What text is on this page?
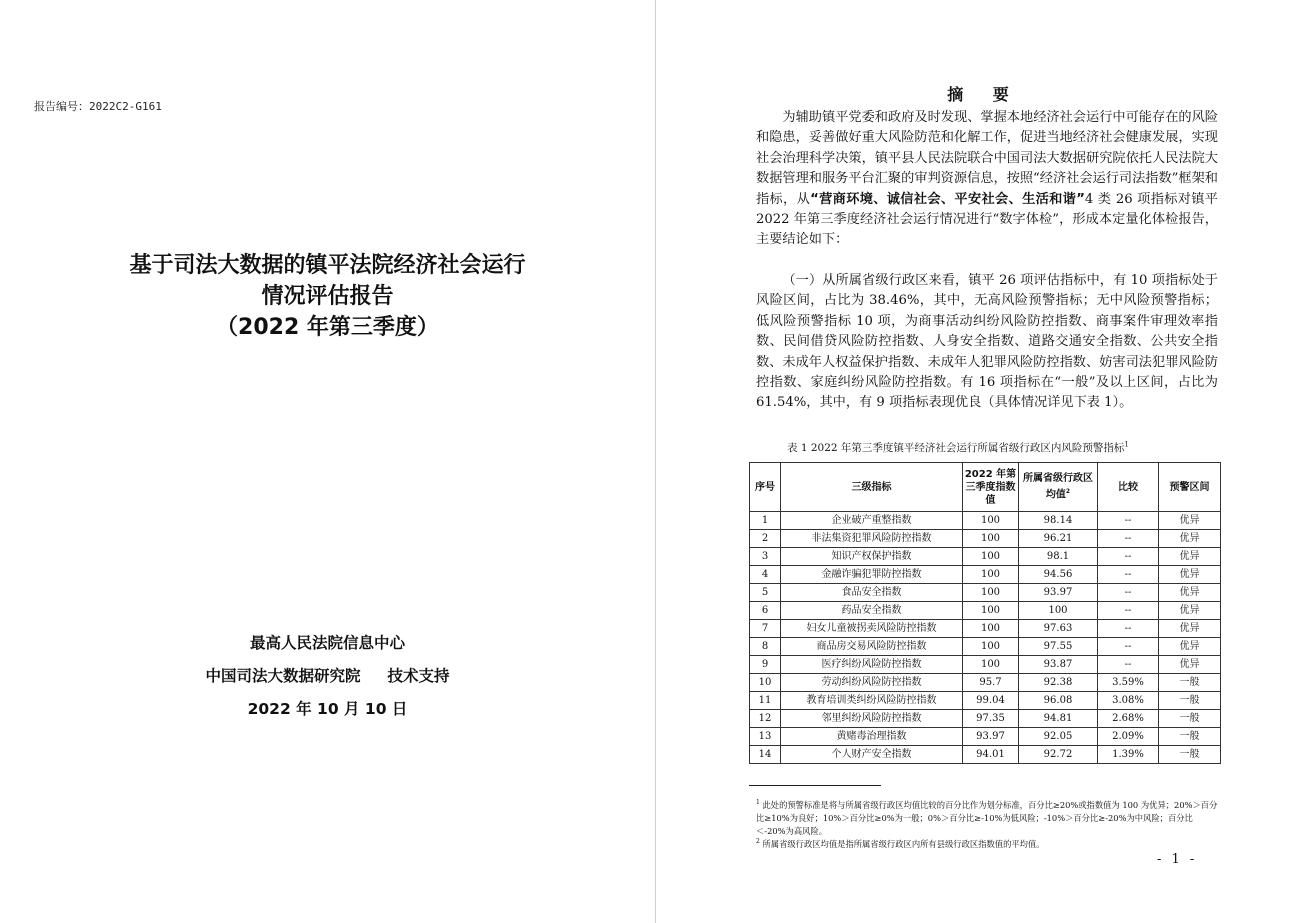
报告编号：2022C2-G161

基于司法大数据的镇平法院经济社会运行

情况评估报告

（2022 年第三季度）

最高人民法院信息中心

中国司法大数据研究院     技术支持

2022 年 10 月 10 日

摘 要

为辅助镇平党委和政府及时发现、掌握本地经济社会运行中可能存在的风险和隐患，妥善做好重大风险防范和化解工作，促进当地经济社会健康发展，实现社会治理科学决策，镇平县人民法院联合中国司法大数据研究院依托人民法院大数据管理和服务平台汇聚的审判资源信息，按照“经济社会运行司法指数”框架和指标，从“营商环境、诚信社会、平安社会、生活和谐”4 类 26 项指标对镇平 2022 年第三季度经济社会运行情况进行“数字体检”，形成本定量化体检报告，主要结论如下：

（一）从所属省级行政区来看，镇平 26 项评估指标中，有 10 项指标处于风险区间，占比为 38.46%，其中，无高风险预警指标；无中风险预警指标；低风险预警指标 10 项，为商事活动纠纷风险防控指数、商事案件审理效率指数、民间借贷风险防控指数、人身安全指数、道路交通安全指数、公共安全指数、未成年人权益保护指数、未成年人犯罪风险防控指数、妨害司法犯罪风险防控指数、家庭纠纷风险防控指数。有 16 项指标在“一般”及以上区间，占比为 61.54%，其中，有 9 项指标表现优良（具体情况详见下表 1）。

表 1 2022 年第三季度镇平经济社会运行所属省级行政区内风险预警指标$^1$
序号	三级指标	2022 年第三季度指数值	所属省级行政区均值$^2$	比较	预警区间
1	企业破产重整指数	100	98.14	--	优异
2	非法集资犯罪风险防控指数	100	96.21	--	优异
3	知识产权保护指数	100	98.1	--	优异
4	金融诈骗犯罪防控指数	100	94.56	--	优异
5	食品安全指数	100	93.97	--	优异
6	药品安全指数	100	100	--	优异
7	妇女儿童被拐卖风险防控指数	100	97.63	--	优异
8	商品房交易风险防控指数	100	97.55	--	优异
9	医疗纠纷风险防控指数	100	93.87	--	优异
10	劳动纠纷风险防控指数	95.7	92.38	3.59%	一般
11	教育培训类纠纷风险防控指数	99.04	96.08	3.08%	一般
12	邻里纠纷风险防控指数	97.35	94.81	2.68%	一般
13	黄赌毒治理指数	93.97	92.05	2.09%	一般
14	个人财产安全指数	94.01	92.72	1.39%	一般

$^1$ 此处的预警标准是将与所属省级行政区均值比较的百分比作为划分标准，百分比≥20%或指数值为 100 为优异；20%＞百分比≥10%为良好；10%＞百分比≥0%为一般；0%＞百分比≥-10%为低风险；-10%＞百分比≥-20%为中风险；百分比＜-20%为高风险。

$^2$ 所属省级行政区均值是指所属省级行政区内所有县级行政区指数值的平均值。

- 1 -
